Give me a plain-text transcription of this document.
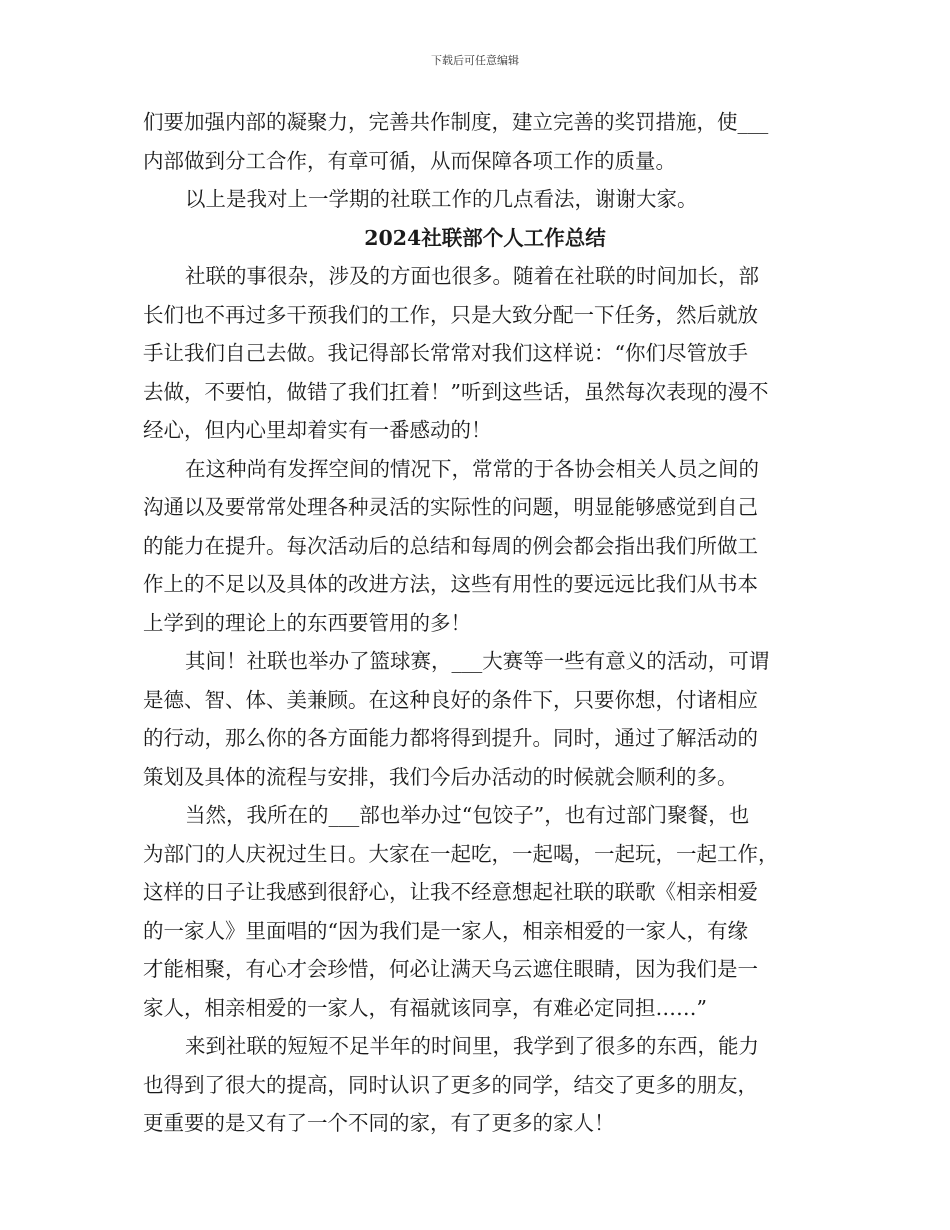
下载后可任意编辑
们要加强内部的凝聚力，完善共作制度，建立完善的奖罚措施，使___
内部做到分工合作，有章可循，从而保障各项工作的质量。
以上是我对上一学期的社联工作的几点看法，谢谢大家。
2024社联部个人工作总结
社联的事很杂，涉及的方面也很多。随着在社联的时间加长，部
长们也不再过多干预我们的工作，只是大致分配一下任务，然后就放
手让我们自己去做。我记得部长常常对我们这样说：“你们尽管放手
去做，不要怕，做错了我们扛着！”听到这些话，虽然每次表现的漫不
经心，但内心里却着实有一番感动的！
在这种尚有发挥空间的情况下，常常的于各协会相关人员之间的
沟通以及要常常处理各种灵活的实际性的问题，明显能够感觉到自己
的能力在提升。每次活动后的总结和每周的例会都会指出我们所做工
作上的不足以及具体的改进方法，这些有用性的要远远比我们从书本
上学到的理论上的东西要管用的多！
其间！社联也举办了篮球赛，___大赛等一些有意义的活动，可谓
是德、智、体、美兼顾。在这种良好的条件下，只要你想，付诸相应
的行动，那么你的各方面能力都将得到提升。同时，通过了解活动的
策划及具体的流程与安排，我们今后办活动的时候就会顺利的多。
当然，我所在的___部也举办过“包饺子”，也有过部门聚餐，也
为部门的人庆祝过生日。大家在一起吃，一起喝，一起玩，一起工作，
这样的日子让我感到很舒心，让我不经意想起社联的联歌《相亲相爱
的一家人》里面唱的“因为我们是一家人，相亲相爱的一家人，有缘
才能相聚，有心才会珍惜，何必让满天乌云遮住眼睛，因为我们是一
家人，相亲相爱的一家人，有福就该同享，有难必定同担……”
来到社联的短短不足半年的时间里，我学到了很多的东西，能力
也得到了很大的提高，同时认识了更多的同学，结交了更多的朋友，
更重要的是又有了一个不同的家，有了更多的家人！
